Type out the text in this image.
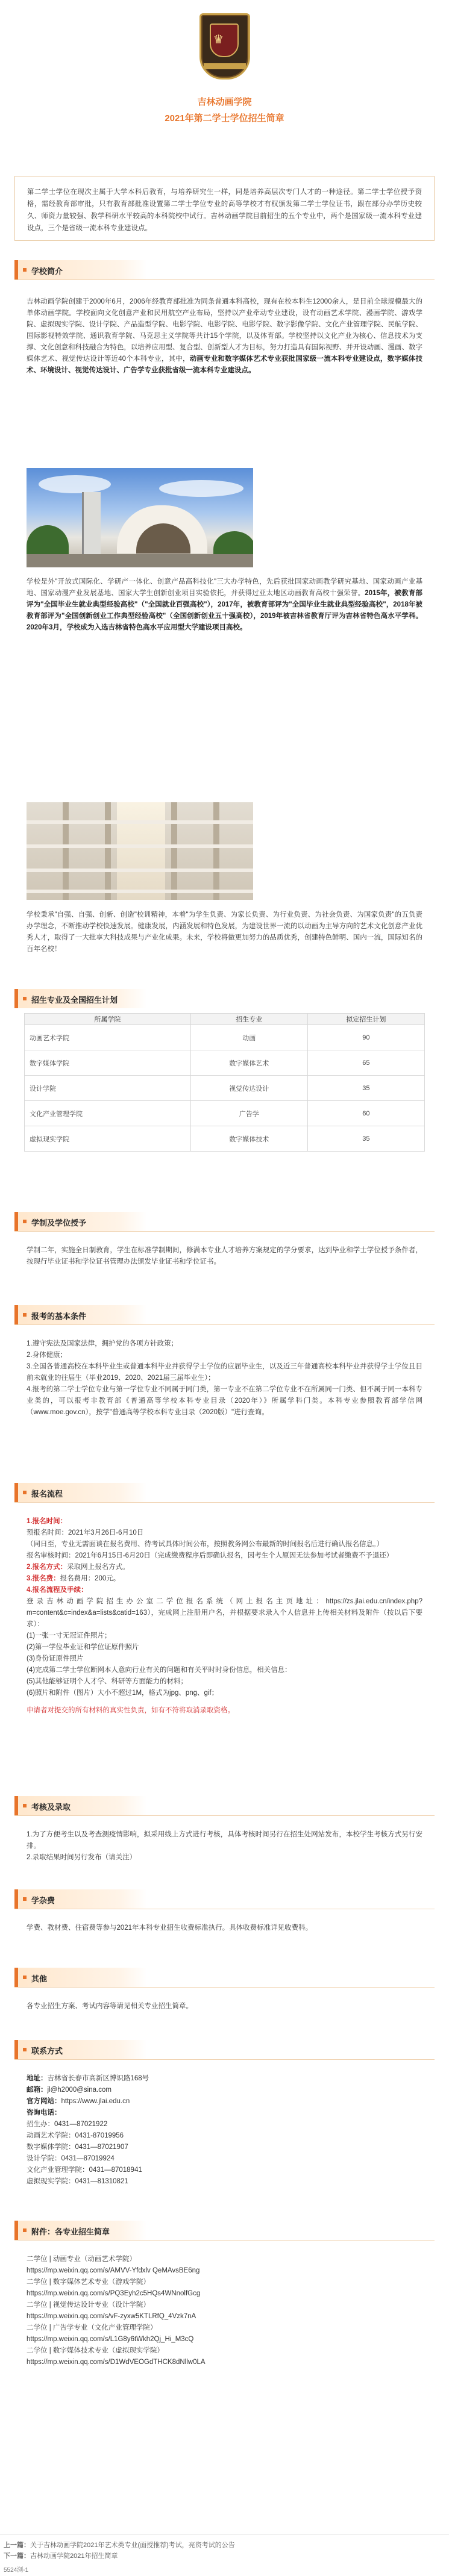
♛
吉林动画学院
2021年第二学士学位招生简章

第二学士学位在现次主属于大学本科后教育，与培养研究生一样，同是培养高层次专门人才的一种途径。第二学士学位授予资格，需经教育部审批，只有教育部批准设置第二学士学位专业的高等学校才有权颁发第二学士学位证书，跟在部分办学历史较久、师资力量较强、教学科研水平较高的本科院校中试行。吉林动画学院目前招生的五个专业中，两个是国家级一流本科专业建设点，三个是省级一流本科专业建设点。

学校简介

吉林动画学院创建于2000年6月，2006年经教育部批准为同条普通本科高校，现有在校本科生12000余人，是目前全球规模最大的单体动画学院。学校面向文化创意产业和民用航空产业布局，坚持以产业牵动专业建设，设有动画艺术学院、漫画学院、游戏学院、虚拟现实学院、设计学院、产品造型学院、电影学院、电影学院、电影学院、数字影像学院、文化产业管理学院、民航学院、国际影视特效学院、通识教育学院、马克思主义学院等共计15个学院，以及体育部。学校坚持以文化产业为核心、信息技术为支撑、文化创意和科技融合为特色，以培养应用型、复合型、创新型人才为目标，努力打造具有国际视野、并开设动画、漫画、数字媒体艺术、视觉传达设计等近40个本科专业，其中，动画专业和数字媒体艺术专业获批国家级一流本科专业建设点，数字媒体技术、环境设计、视觉传达设计、广告学专业获批省级一流本科专业建设点。

学校是外"开放式国际化、学研产一体化、创意产品高科技化"三大办学特色，先后获批国家动画教学研究基地、国家动画产业基地、国家动漫产业发展基地、国家大学生创新创业项目实验依托，并获得过亚太地区动画教育高校十强荣誉。2015年，被教育部评为"全国毕业生就业典型经验高校"（"全国就业百强高校"），2017年，被教育部评为"全国毕业生就业典型经验高校"，2018年被教育部评为"全国创新创业工作典型经验高校"（全国创新创业五十强高校），2019年被吉林省教育厅评为吉林省特色高水平学科。2020年3月，学校成为入选吉林省特色高水平应用型大学建设项目高校。

学校秉承"自强、自强、创新、创造"校训精神，本着"为学生负责、为家长负责、为行业负责、为社会负责、为国家负责"的五负责办学理念，不断推动学校快速发展。健康发展，内涵发展和特色发展，为建设世界一流的以动画为主导方向的艺术文化创意产业优秀人才，取得了一大批享大科技成果与产业化成果。未来，学校将做更加努力的品质优秀，创建特色鲜明、国内一流，国际知名的百年名校！

招生专业及全国招生计划
所属学院	招生专业	拟定招生计划
动画艺术学院	动画	90
数字媒体学院	数字媒体艺术	65
设计学院	视觉传达设计	35
文化产业管理学院	广告学	60
虚拟现实学院	数字媒体技术	35
学制及学位授予

学制二年，实施全日制教育，学生在标准学制期间，修满本专业人才培养方案规定的学分要求，达到毕业和学士学位授予条件者，按现行毕业证书和学位证书管理办法颁发毕业证书和学位证书。

报考的基本条件
1.遵守宪法及国家法律，拥护党的各项方针政策；
2.身体健康；
3.全国各普通高校在本科毕业生或普通本科毕业并获得学士学位的应届毕业生，以及近三年普通高校本科毕业并获得学士学位且目前未就业的往届生（毕业2019、2020、2021届三届毕业生）；
4.报考的第二学士学位专业与第一学位专业不同属于同门类，第一专业不在第二学位专业不在所属同一门类、但不属于同一本科专业类的，可以报考非教育部《普通高等学校本科专业目录（2020年）》所属学科门类。本科专业参照教育部学信网（www.moe.gov.cn），按学"普通高等学校本科专业目录（2020版）"进行查询。
报名流程
1.报名时间：
预报名时间：2021年3月26日-6月10日
（同日至，专业无需面谈在报名费用、待考试具体时间公布，按照教务网公布最新的时间报名后进行确认报名信息。）
报名审核时间：2021年6月15日-6月20日（完成缴费程序后即确认报名，因考生个人原因无法参加考试者缴费不予退还）
2.报名方式：采取网上报名方式。
3.报名费：报名费用：200元。
4.报名流程及手续：
登录吉林动画学院招生办公室二学位报名系统（网上报名主页地址：https://zs.jlai.edu.cn/index.php?m=content&c=index&a=lists&catid=163），完成网上注册用户名，并根据要求录入个人信息并上传相关材料及附件（按以后下要求）：
(1)一张一寸无冠证件照片；
(2)第一学位毕业证和学位证原件照片
(3)身份证原件照片
(4)完成第二学士学位断网本人意向行业有关的问题和有关平时时身份信息，相关信息：
(5)其他能够证明个人才学、科研等方面能力的材料；
(6)照片和附件（图片）大小不超过1M，格式为jpg、png、gif；
申请者对提交的所有材料的真实性负责，如有不符将取消录取资格。
考核及录取
1.为了方便考生以及考查测疫情影响，拟采用线上方式进行考核，具体考核时间另行在招生处网站发布，本校学生考核方式另行安排。
2.录取结果时间另行发布（请关注）
学杂费

学费、教材费、住宿费等参与2021年本科专业招生收费标准执行。具体收费标准详见收费科。

其他

各专业招生方案、考试内容等请见相关专业招生简章。

联系方式
地址：吉林省长春市高新区博识路168号
邮箱：jl@h2000@sina.com
官方网站：https://www.jlai.edu.cn
咨询电话：
招生办：0431—87021922
动画艺术学院：0431-87019956
数字媒体学院：0431—87021907
设计学院：0431—87019924
文化产业管理学院：0431—87018941
虚拟现实学院：0431—81310821
附件：各专业招生简章
二学位 | 动画专业（动画艺术学院）
https://mp.weixin.qq.com/s/AMVV-Yfdxlv QeMAvsBE6ng
二学位 | 数字媒体艺术专业（游戏学院）
https://mp.weixin.qq.com/s/PQ3Eyh2c5HQs4WNnolfGcg
二学位 | 视觉传达设计专业（设计学院）
https://mp.weixin.qq.com/s/vF-zyxw5KTLRfQ_4Vzk7nA
二学位 | 广告学专业（文化产业管理学院）
https://mp.weixin.qq.com/s/L1G8y6tWkh2Qj_Hi_M3cQ
二学位 | 数字媒体技术专业（虚拟现实学院）
https://mp.weixin.qq.com/s/D1WdVEOGdTHCK8dNllw0LA
上一篇：关于吉林动画学院2021年艺术类专业(面授推荐)考试，亮资考试的公告
下一篇：吉林动画学院2021年招生简章
5524浏-1
